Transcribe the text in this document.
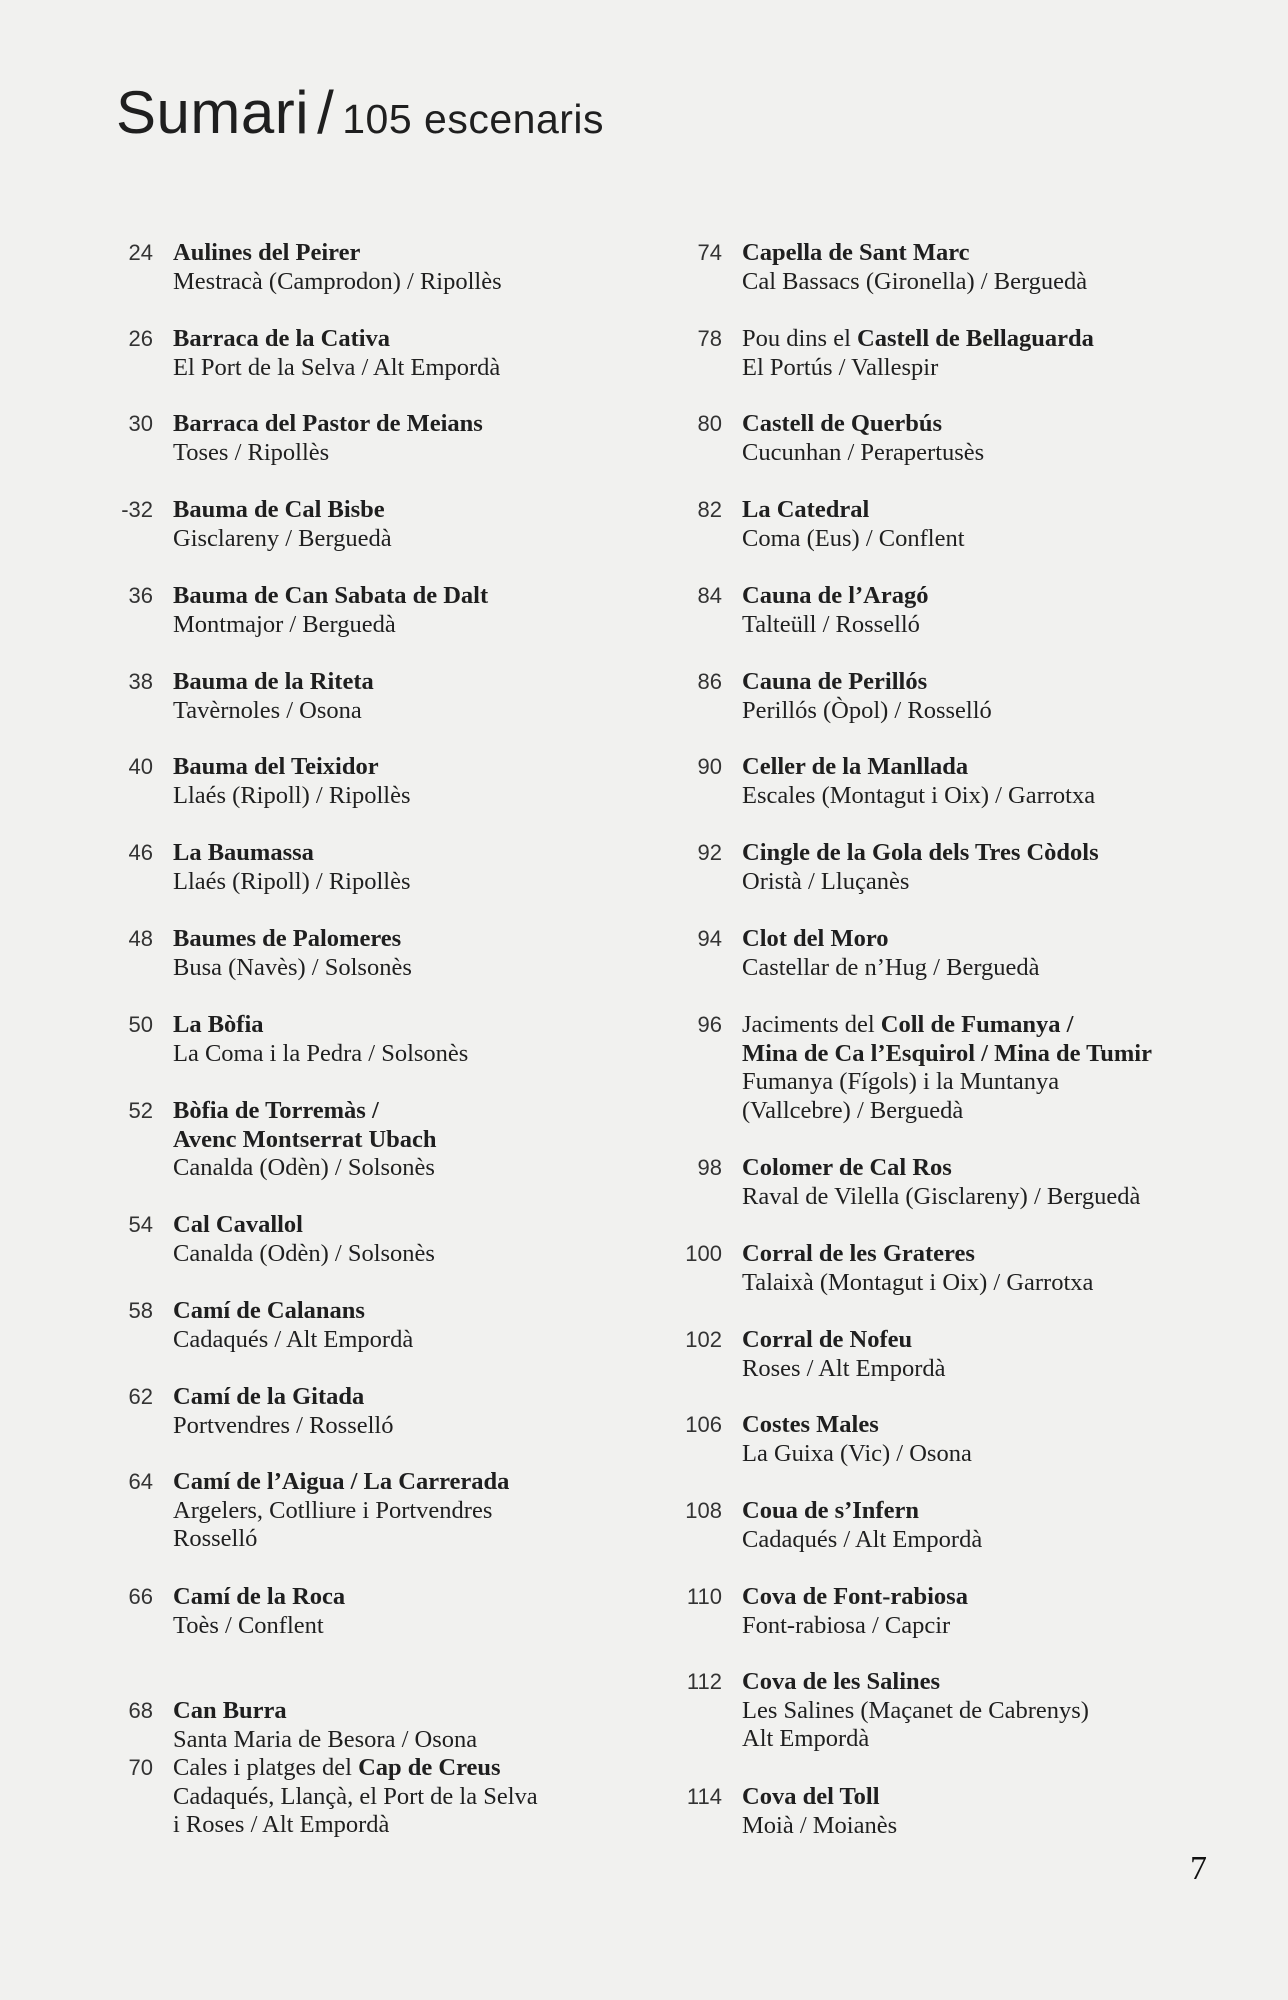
Sumari / 105 escenaris
24 Aulines del Peirer
Mestracà (Camprodon) / Ripollès
26 Barraca de la Cativa
El Port de la Selva / Alt Empordà
30 Barraca del Pastor de Meians
Toses / Ripollès
-32 Bauma de Cal Bisbe
Gisclareny / Berguedà
36 Bauma de Can Sabata de Dalt
Montmajor / Berguedà
38 Bauma de la Riteta
Tavèrnoles / Osona
40 Bauma del Teixidor
Llaés (Ripoll) / Ripollès
46 La Baumassa
Llaés (Ripoll) / Ripollès
48 Baumes de Palomeres
Busa (Navès) / Solsonès
50 La Bòfia
La Coma i la Pedra / Solsonès
52 Bòfia de Torremàs /
Avenc Montserrat Ubach
Canalda (Odèn) / Solsonès
54 Cal Cavallol
Canalda (Odèn) / Solsonès
58 Camí de Calanans
Cadaqués / Alt Empordà
62 Camí de la Gitada
Portvendres / Rosselló
64 Camí de l’Aigua / La Carrerada
Argelers, Cotlliure i Portvendres
Rosselló
66 Camí de la Roca
Toès / Conflent
68 Can Burra
Santa Maria de Besora / Osona
70 Cales i platges del Cap de Creus
Cadaqués, Llançà, el Port de la Selva
i Roses / Alt Empordà
74 Capella de Sant Marc
Cal Bassacs (Gironella) / Berguedà
78 Pou dins el Castell de Bellaguarda
El Portús / Vallespir
80 Castell de Querbús
Cucunhan / Perapertusès
82 La Catedral
Coma (Eus) / Conflent
84 Cauna de l’Aragó
Talteüll / Rosselló
86 Cauna de Perillós
Perillós (Òpol) / Rosselló
90 Celler de la Manllada
Escales (Montagut i Oix) / Garrotxa
92 Cingle de la Gola dels Tres Còdols
Oristà / Lluçanès
94 Clot del Moro
Castellar de n’Hug / Berguedà
96 Jaciments del Coll de Fumanya /
Mina de Ca l’Esquirol / Mina de Tumir
Fumanya (Fígols) i la Muntanya
(Vallcebre) / Berguedà
98 Colomer de Cal Ros
Raval de Vilella (Gisclareny) / Berguedà
100 Corral de les Grateres
Talaixà (Montagut i Oix) / Garrotxa
102 Corral de Nofeu
Roses / Alt Empordà
106 Costes Males
La Guixa (Vic) / Osona
108 Coua de s’Infern
Cadaqués / Alt Empordà
110 Cova de Font-rabiosa
Font-rabiosa / Capcir
112 Cova de les Salines
Les Salines (Maçanet de Cabrenys)
Alt Empordà
114 Cova del Toll
Moià / Moianès
7
